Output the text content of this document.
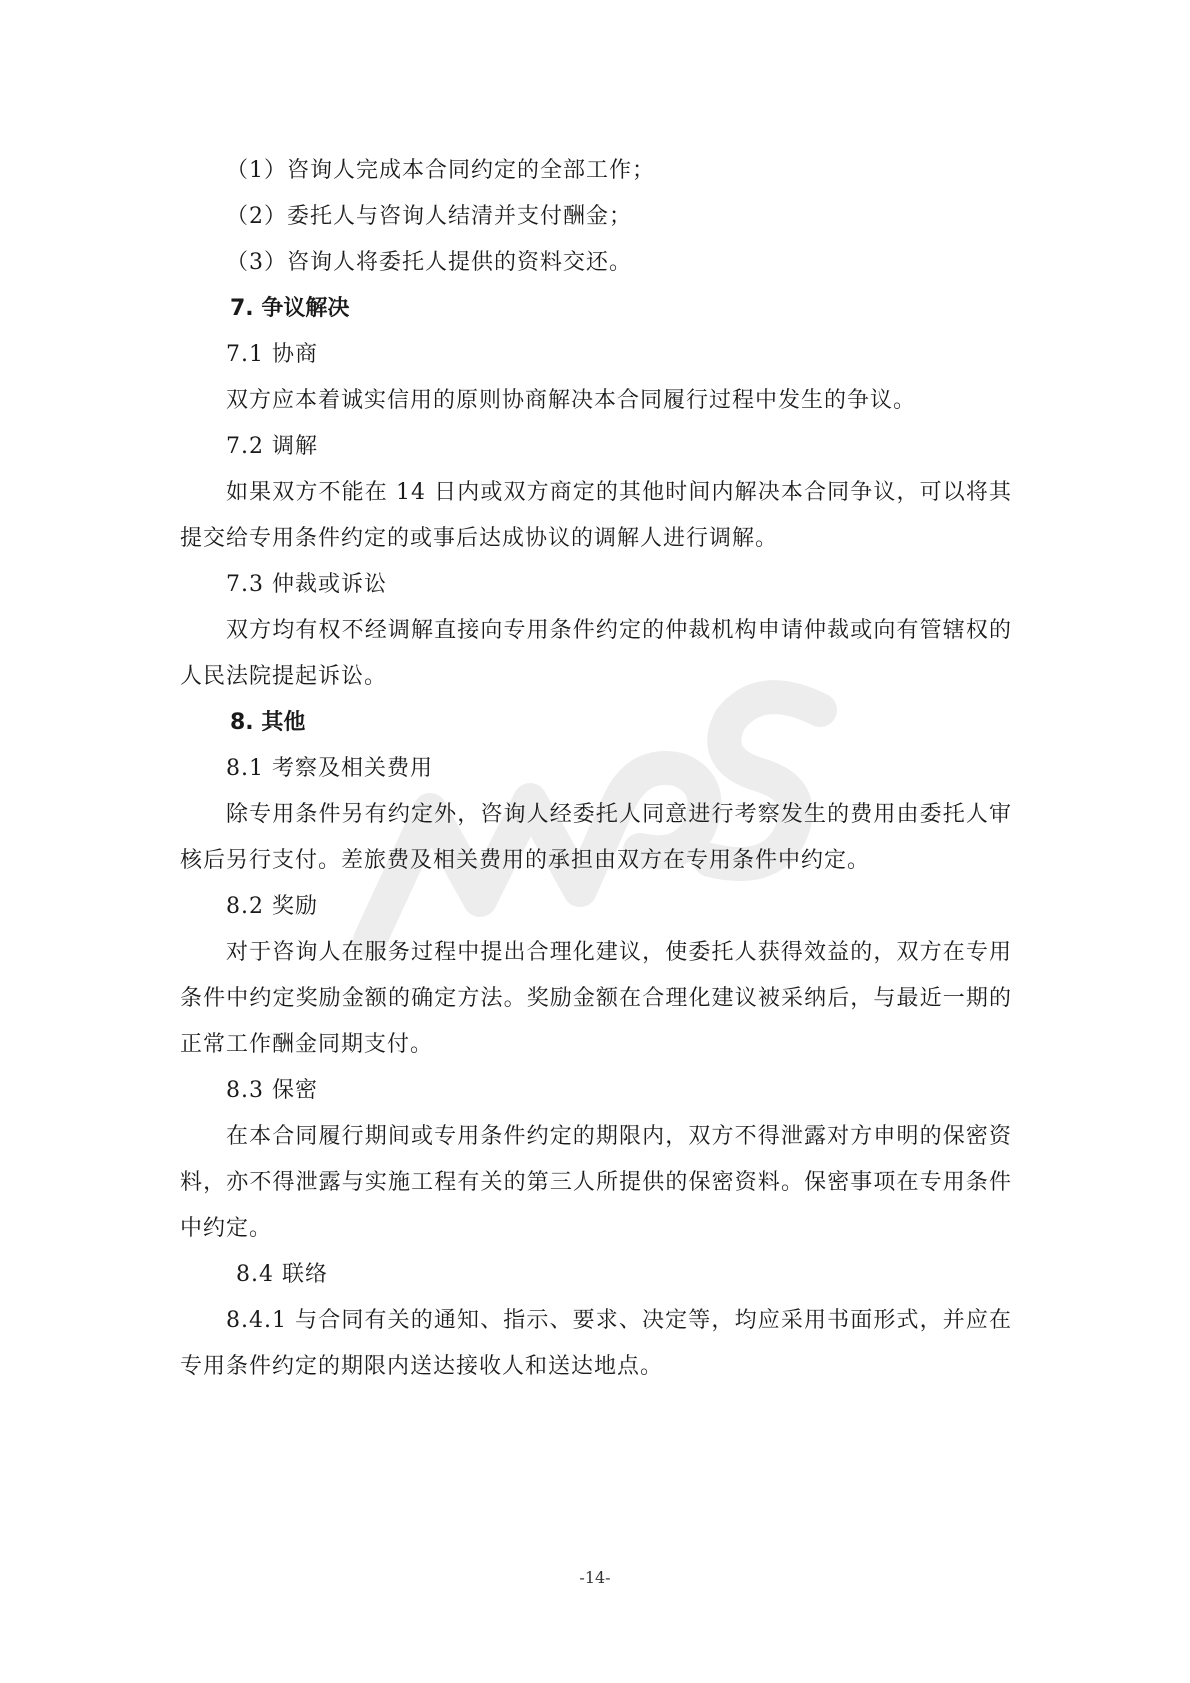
（1）咨询人完成本合同约定的全部工作；
（2）委托人与咨询人结清并支付酬金；
（3）咨询人将委托人提供的资料交还。
7. 争议解决
7.1 协商
双方应本着诚实信用的原则协商解决本合同履行过程中发生的争议。
7.2 调解
如果双方不能在 14 日内或双方商定的其他时间内解决本合同争议，可以将其提交给专用条件约定的或事后达成协议的调解人进行调解。
7.3 仲裁或诉讼
双方均有权不经调解直接向专用条件约定的仲裁机构申请仲裁或向有管辖权的人民法院提起诉讼。
8. 其他
8.1 考察及相关费用
除专用条件另有约定外，咨询人经委托人同意进行考察发生的费用由委托人审核后另行支付。差旅费及相关费用的承担由双方在专用条件中约定。
8.2 奖励
对于咨询人在服务过程中提出合理化建议，使委托人获得效益的，双方在专用条件中约定奖励金额的确定方法。奖励金额在合理化建议被采纳后，与最近一期的正常工作酬金同期支付。
8.3 保密
在本合同履行期间或专用条件约定的期限内，双方不得泄露对方申明的保密资料，亦不得泄露与实施工程有关的第三人所提供的保密资料。保密事项在专用条件中约定。
8.4 联络
8.4.1 与合同有关的通知、指示、要求、决定等，均应采用书面形式，并应在专用条件约定的期限内送达接收人和送达地点。
-14-
